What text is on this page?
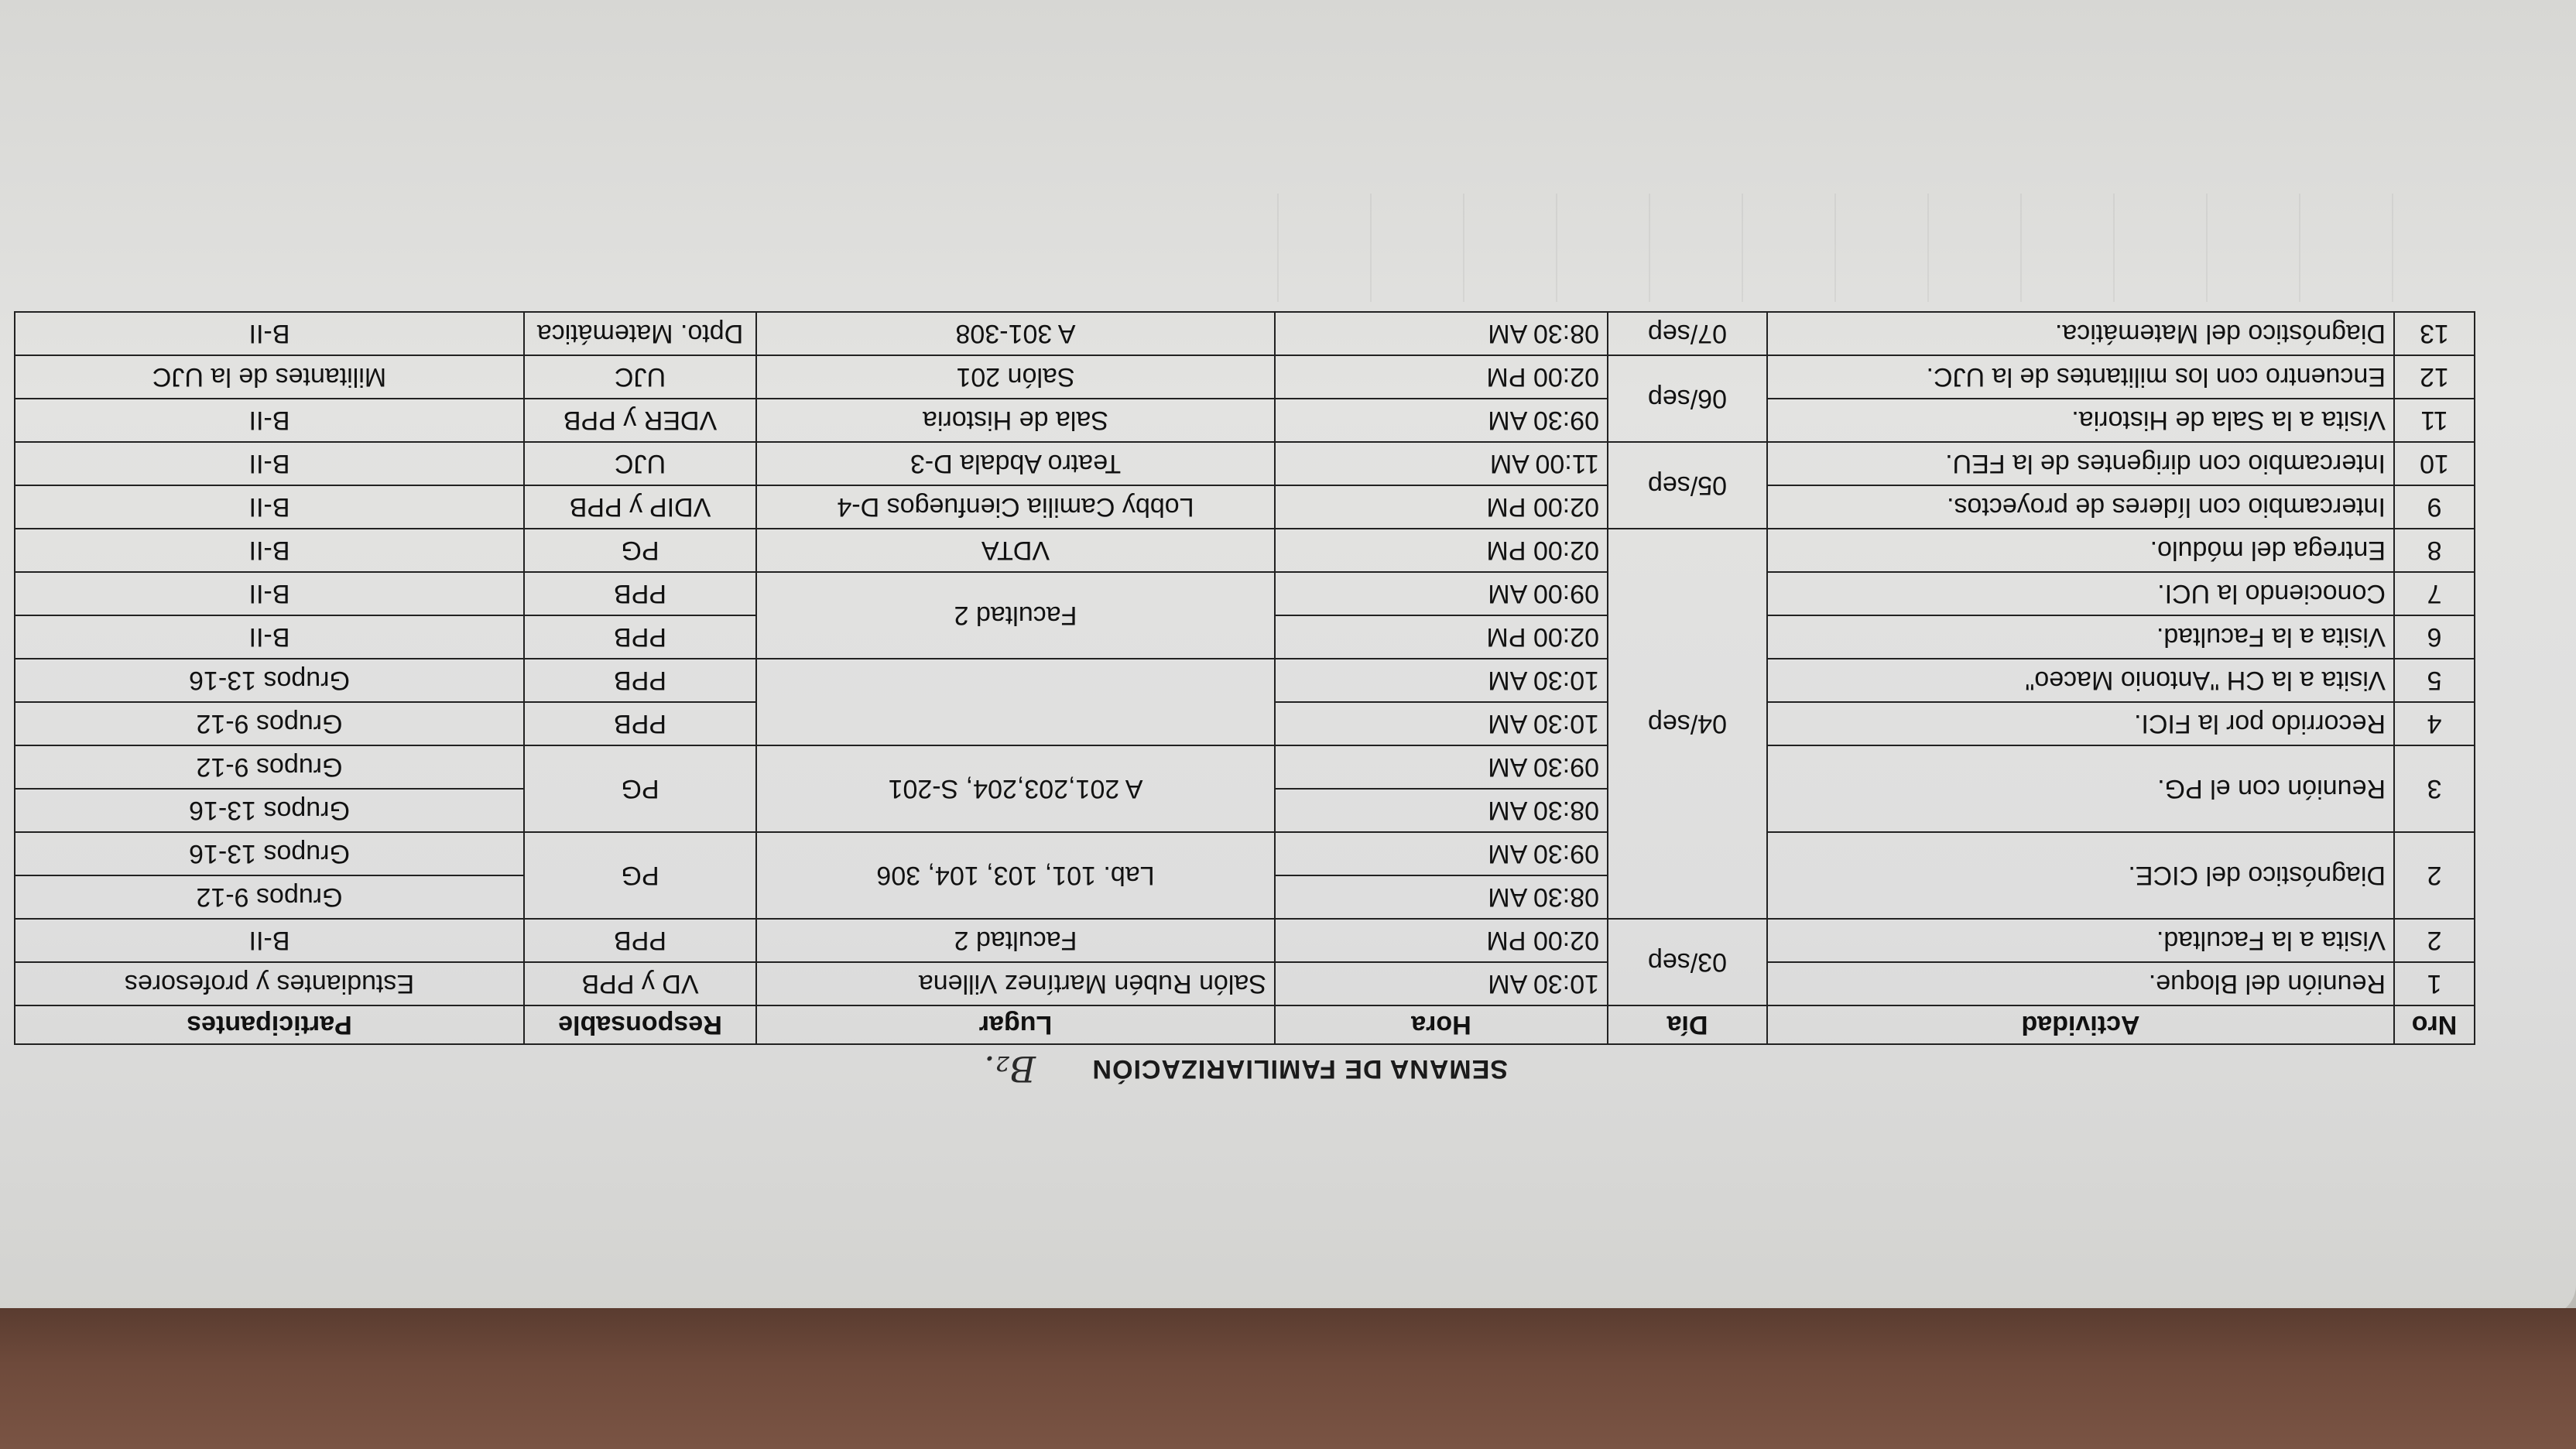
SEMANA DE FAMILIARIZACIÓN
B₂.
Nro	Actividad	Día	Hora	Lugar	Responsable	Participantes
1	Reunión del Bloque.	03/sep	10:30 AM	Salón Rubén Martínez Villena	VD y PPB	Estudiantes y profesores
2	Visita a la Facultad.		02:00 PM	Facultad 2	PPB	B-II
2	Diagnóstico del CICE.	04/sep	08:30 AM	Lab. 101, 103, 104, 306	PG	Grupos 9-12
			09:30 AM			Grupos 13-16
3	Reunión con el PG.		08:30 AM	A 201,203,204, S-201	PG	Grupos 13-16
			09:30 AM			Grupos 9-12
4	Recorrido por la FICI.		10:30 AM		PPB	Grupos 9-12
5	Visita a la CH "Antonio Maceo"		10:30 AM		PPB	Grupos 13-16
6	Visita a la Facultad.		02:00 PM	Facultad 2	PPB	B-II
7	Conociendo la UCI.		09:00 AM		PPB	B-II
8	Entrega del módulo.		02:00 PM	VDTA	PG	B-II
9	Intercambio con líderes de proyectos.	05/sep	02:00 PM	Lobby Camilia Cienfuegos D-4	VDIP y PPB	B-II
10	Intercambio con dirigentes de la FEU.		11:00 AM	Teatro Abdala D-3	UJC	B-II
11	Visita a la Sala de Historia.	06/sep	09:30 AM	Sala de Historia	VDER y PPB	B-II
12	Encuentro con los militantes de la UJC.		02:00 PM	Salón 201	UJC	Militantes de la UJC
13	Diagnóstico del Matemática.	07/sep	08:30 AM	A 301-308	Dpto. Matemática	B-II
